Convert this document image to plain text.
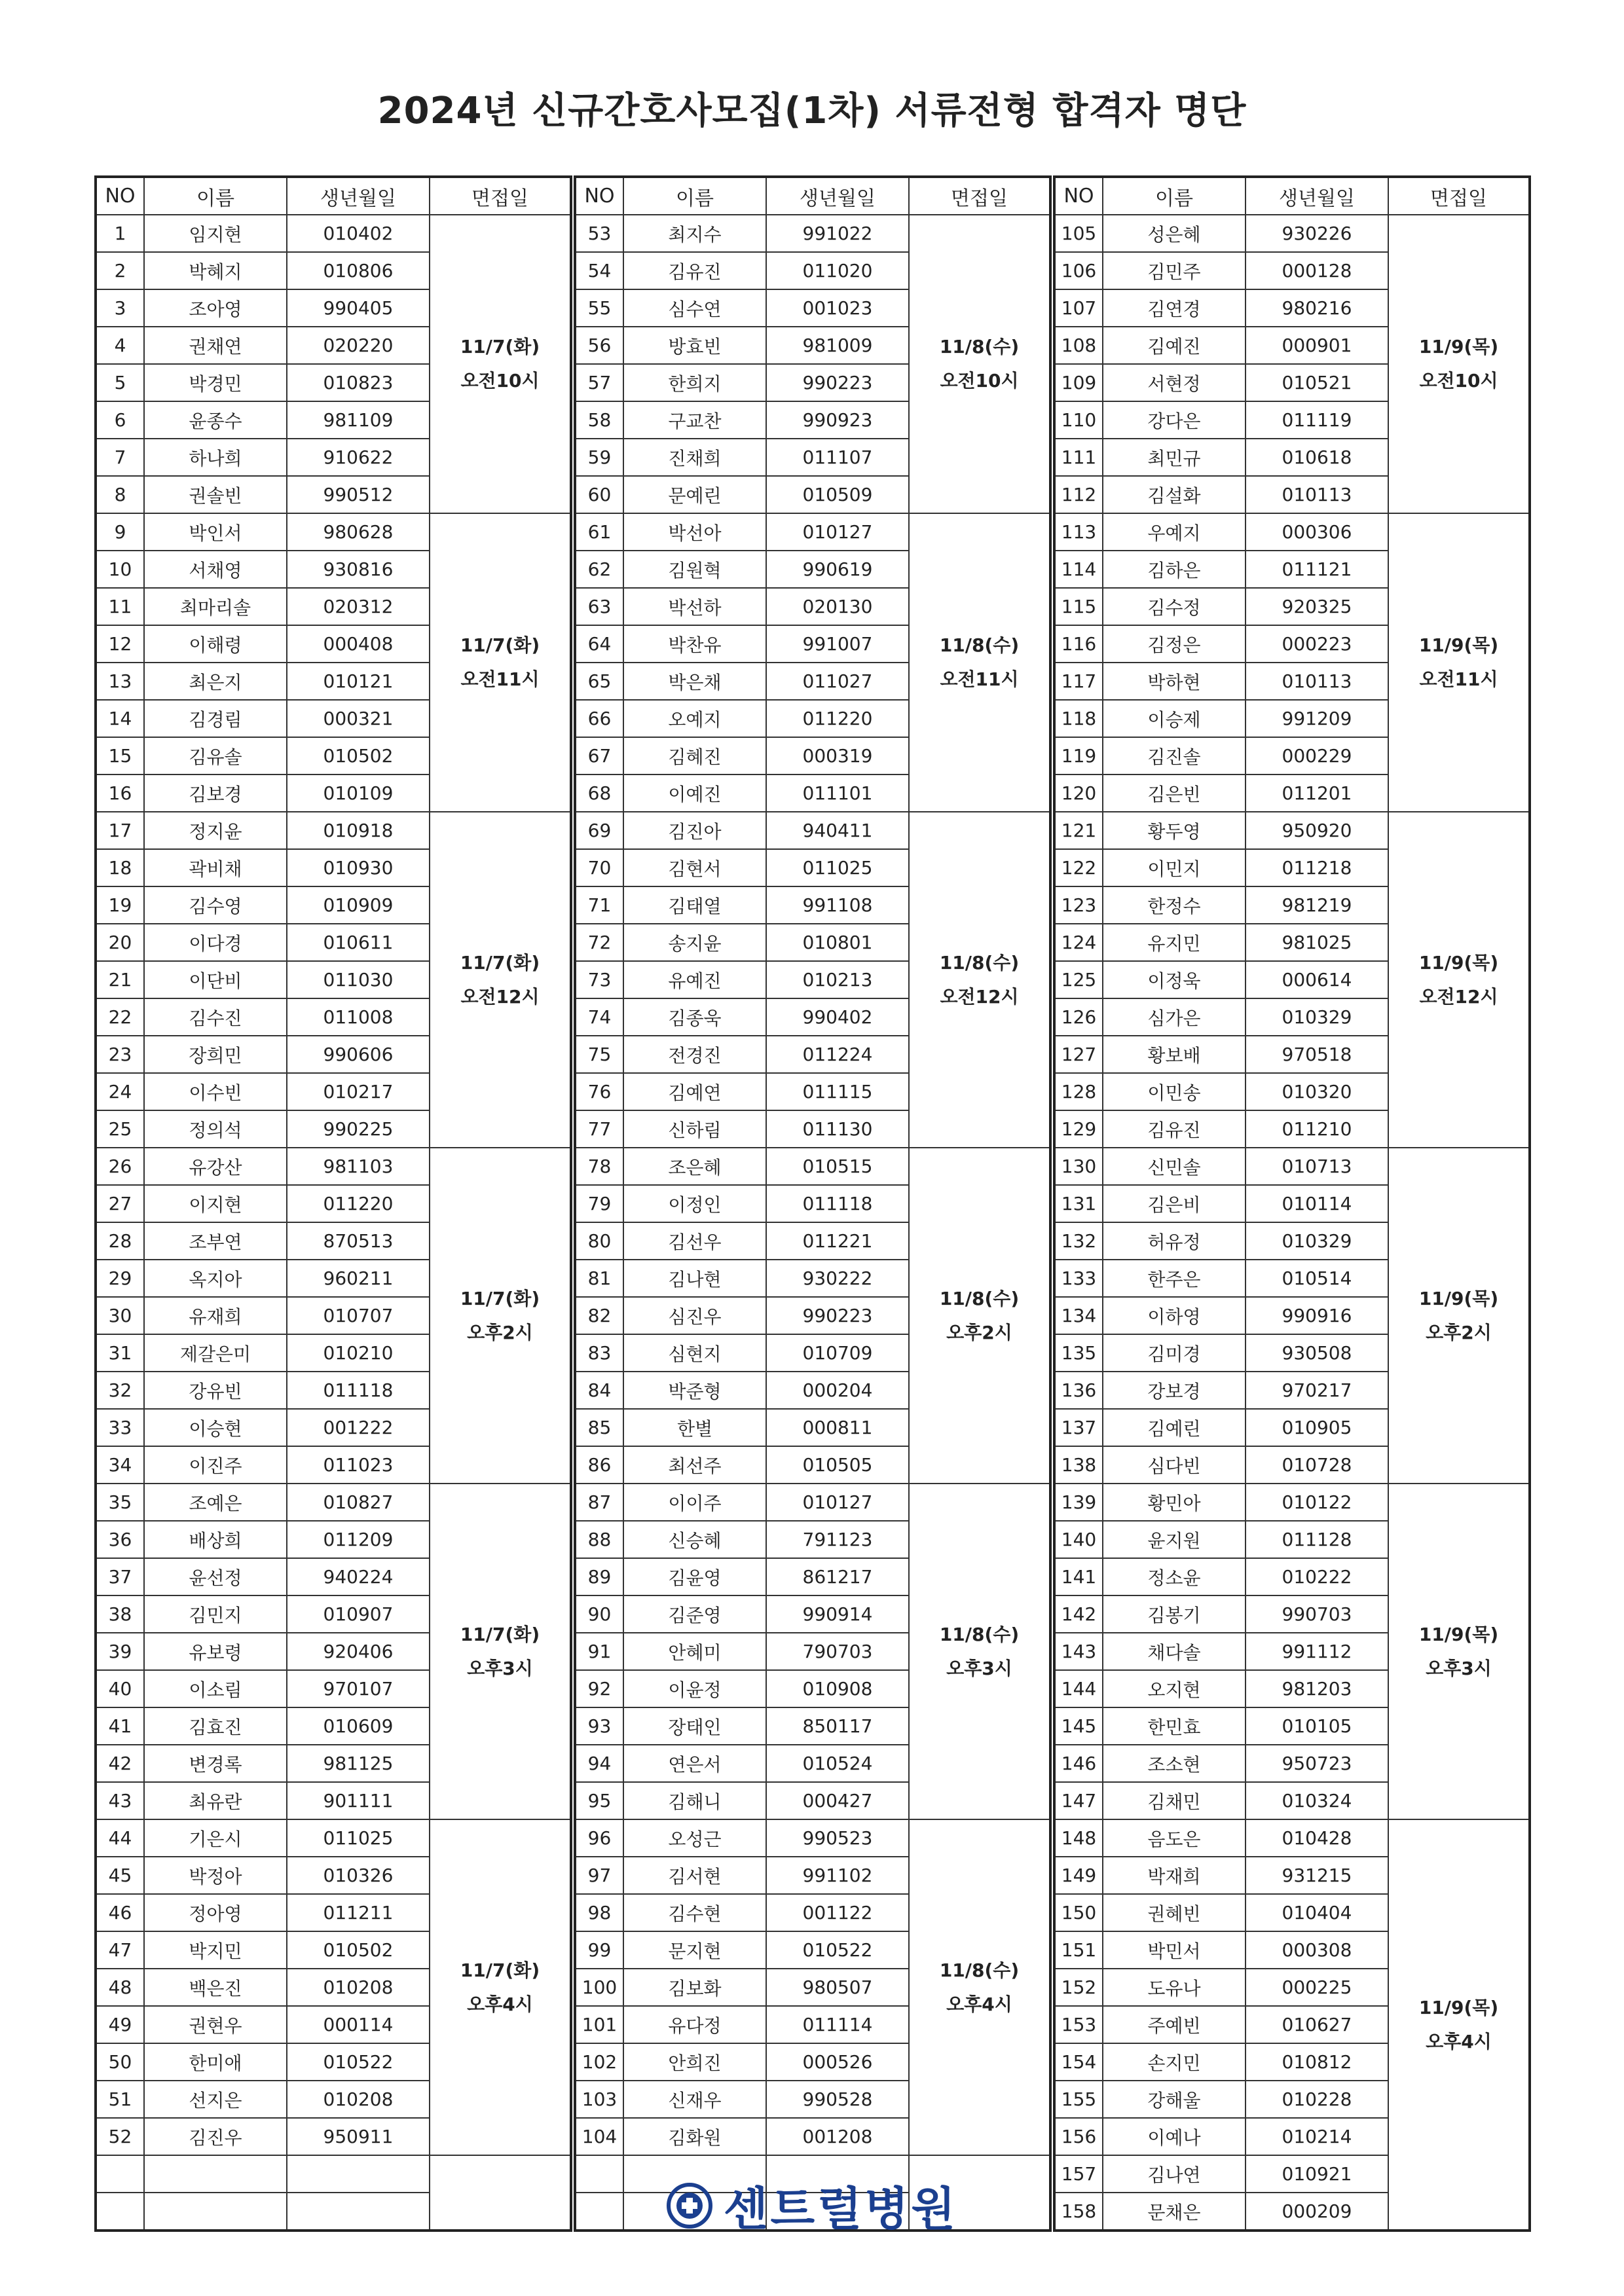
2024년 신규간호사모집(1차) 서류전형 합격자 명단
NO	이름	생년월일	면접일
1	임지현	010402	11/7(화)
오전10시

2	박혜지	010806	
3	조아영	990405	
4	권채연	020220	
5	박경민	010823	
6	윤종수	981109	
7	하나희	910622	
8	권솔빈	990512	
9	박인서	980628	11/7(화)
오전11시

10	서채영	930816	
11	최마리솔	020312	
12	이해령	000408	
13	최은지	010121	
14	김경림	000321	
15	김유솔	010502	
16	김보경	010109	
17	정지윤	010918	11/7(화)
오전12시

18	곽비채	010930	
19	김수영	010909	
20	이다경	010611	
21	이단비	011030	
22	김수진	011008	
23	장희민	990606	
24	이수빈	010217	
25	정의석	990225	
26	유강산	981103	11/7(화)
오후2시

27	이지현	011220	
28	조부연	870513	
29	옥지아	960211	
30	유재희	010707	
31	제갈은미	010210	
32	강유빈	011118	
33	이승현	001222	
34	이진주	011023	
35	조예은	010827	11/7(화)
오후3시

36	배상희	011209	
37	윤선정	940224	
38	김민지	010907	
39	유보령	920406	
40	이소림	970107	
41	김효진	010609	
42	변경록	981125	
43	최유란	901111	
44	기은시	011025	11/7(화)
오후4시

45	박정아	010326	
46	정아영	011211	
47	박지민	010502	
48	백은진	010208	
49	권현우	000114	
50	한미애	010522	
51	선지은	010208	
52	김진우	950911	

NO	이름	생년월일	면접일
53	최지수	991022	11/8(수)
오전10시

54	김유진	011020	
55	심수연	001023	
56	방효빈	981009	
57	한희지	990223	
58	구교찬	990923	
59	진채희	011107	
60	문예린	010509	
61	박선아	010127	11/8(수)
오전11시

62	김원혁	990619	
63	박선하	020130	
64	박찬유	991007	
65	박은채	011027	
66	오예지	011220	
67	김혜진	000319	
68	이예진	011101	
69	김진아	940411	11/8(수)
오전12시

70	김현서	011025	
71	김태열	991108	
72	송지윤	010801	
73	유예진	010213	
74	김종욱	990402	
75	전경진	011224	
76	김예연	011115	
77	신하림	011130	
78	조은혜	010515	11/8(수)
오후2시

79	이정인	011118	
80	김선우	011221	
81	김나현	930222	
82	심진우	990223	
83	심현지	010709	
84	박준형	000204	
85	한별	000811	
86	최선주	010505	
87	이이주	010127	11/8(수)
오후3시

88	신승혜	791123	
89	김윤영	861217	
90	김준영	990914	
91	안혜미	790703	
92	이윤정	010908	
93	장태인	850117	
94	연은서	010524	
95	김해니	000427	
96	오성근	990523	11/8(수)
오후4시

97	김서현	991102	
98	김수현	001122	
99	문지현	010522	
100	김보화	980507	
101	유다정	011114	
102	안희진	000526	
103	신재우	990528	
104	김화원	001208	

NO	이름	생년월일	면접일
105	성은혜	930226	11/9(목)
오전10시

106	김민주	000128	
107	김연경	980216	
108	김예진	000901	
109	서현정	010521	
110	강다은	011119	
111	최민규	010618	
112	김설화	010113	
113	우예지	000306	11/9(목)
오전11시

114	김하은	011121	
115	김수정	920325	
116	김정은	000223	
117	박하현	010113	
118	이승제	991209	
119	김진솔	000229	
120	김은빈	011201	
121	황두영	950920	11/9(목)
오전12시

122	이민지	011218	
123	한정수	981219	
124	유지민	981025	
125	이정욱	000614	
126	심가은	010329	
127	황보배	970518	
128	이민송	010320	
129	김유진	011210	
130	신민솔	010713	11/9(목)
오후2시

131	김은비	010114	
132	허유정	010329	
133	한주은	010514	
134	이하영	990916	
135	김미경	930508	
136	강보경	970217	
137	김예린	010905	
138	심다빈	010728	
139	황민아	010122	11/9(목)
오후3시

140	윤지원	011128	
141	정소윤	010222	
142	김봉기	990703	
143	채다솔	991112	
144	오지현	981203	
145	한민효	010105	
146	조소현	950723	
147	김채민	010324	
148	음도은	010428	11/9(목)
오후4시

149	박재희	931215	
150	권혜빈	010404	
151	박민서	000308	
152	도유나	000225	
153	주예빈	010627	
154	손지민	010812	
155	강해울	010228	
156	이예나	010214	
157	김나연	010921	
158	문채은	000209	
센트럴병원
